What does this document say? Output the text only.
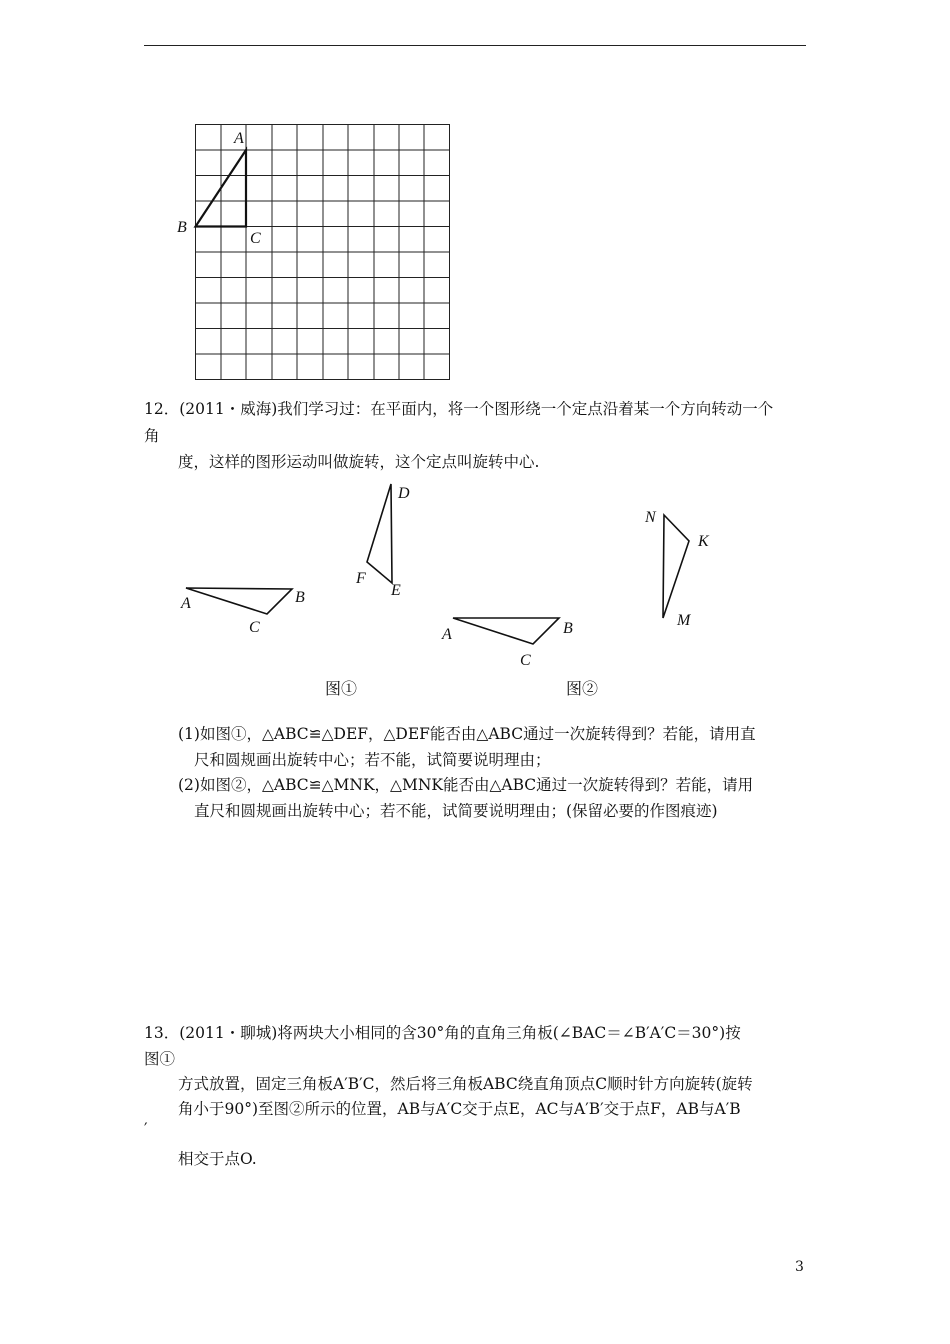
A
B
C
12．(2011・威海)我们学习过：在平面内，将一个图形绕一个定点沿着某一个方向转动一个
角
度，这样的图形运动叫做旋转，这个定点叫旋转中心.
A	B
C
D
E
F
A	B
C
N
K
M
图①	图②
(1)如图①，△ABC≌△DEF，△DEF能否由△ABC通过一次旋转得到？若能，请用直
尺和圆规画出旋转中心；若不能，试简要说明理由；
(2)如图②，△ABC≌△MNK，△MNK能否由△ABC通过一次旋转得到？若能，请用
直尺和圆规画出旋转中心；若不能，试简要说明理由；(保留必要的作图痕迹)
13．(2011・聊城)将两块大小相同的含30°角的直角三角板(∠BAC＝∠B′A′C＝30°)按
图①
方式放置，固定三角板A′B′C，然后将三角板ABC绕直角顶点C顺时针方向旋转(旋转
角小于90°)至图②所示的位置，AB与A′C交于点E，AC与A′B′交于点F，AB与A′B
′
相交于点O.
3
